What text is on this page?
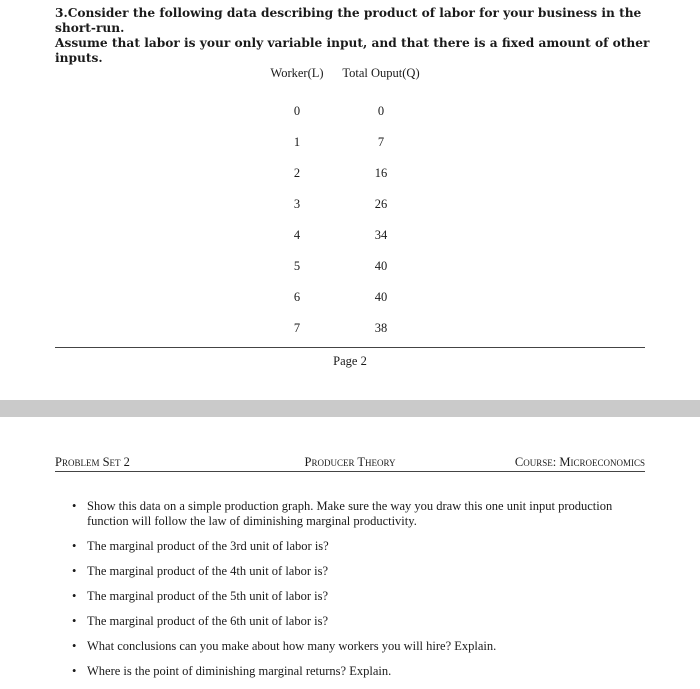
3.Consider the following data describing the product of labor for your business in the short-run.
Assume that labor is your only variable input, and that there is a fixed amount of other inputs.
Worker(L)	Total Ouput(Q)
0	0
1	7
2	16
3	26
4	34
5	40
6	40
7	38
Page 2
Problem Set 2	Producer Theory	Course: Microeconomics
• Show this data on a simple production graph. Make sure the way you draw this one unit input production function will follow the law of diminishing marginal productivity.
• The marginal product of the 3rd unit of labor is?
• The marginal product of the 4th unit of labor is?
• The marginal product of the 5th unit of labor is?
• The marginal product of the 6th unit of labor is?
• What conclusions can you make about how many workers you will hire? Explain.
• Where is the point of diminishing marginal returns? Explain.
